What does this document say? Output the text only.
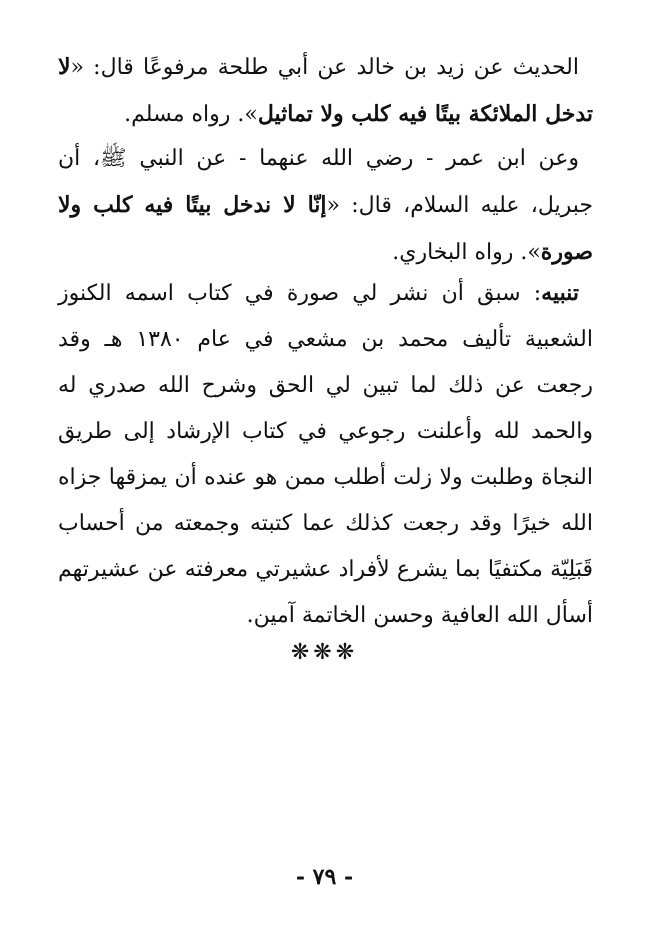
الحديث عن زيد بن خالد عن أبي طلحة مرفوعًا قال: «لا تدخل الملائكة بيتًا فيه كلب ولا تماثيل». رواه مسلم.

وعن ابن عمر - رضي الله عنهما - عن النبي ﷺ، أن جبريل، عليه السلام، قال: «إنّا لا ندخل بيتًا فيه كلب ولا صورة». رواه البخاري.

تنبيه: سبق أن نشر لي صورة في كتاب اسمه الكنوز الشعبية تأليف محمد بن مشعي في عام ١٣٨٠ هـ وقد رجعت عن ذلك لما تبين لي الحق وشرح الله صدري له والحمد لله وأعلنت رجوعي في كتاب الإرشاد إلى طريق النجاة وطلبت ولا زلت أطلب ممن هو عنده أن يمزقها جزاه الله خيرًا وقد رجعت كذلك عما كتبته وجمعته من أحساب قَبَلِيّة مكتفيًا بما يشرع لأفراد عشيرتي معرفته عن عشيرتهم أسأل الله العافية وحسن الخاتمة آمين.

❋❋❋
- ٧٩ -
